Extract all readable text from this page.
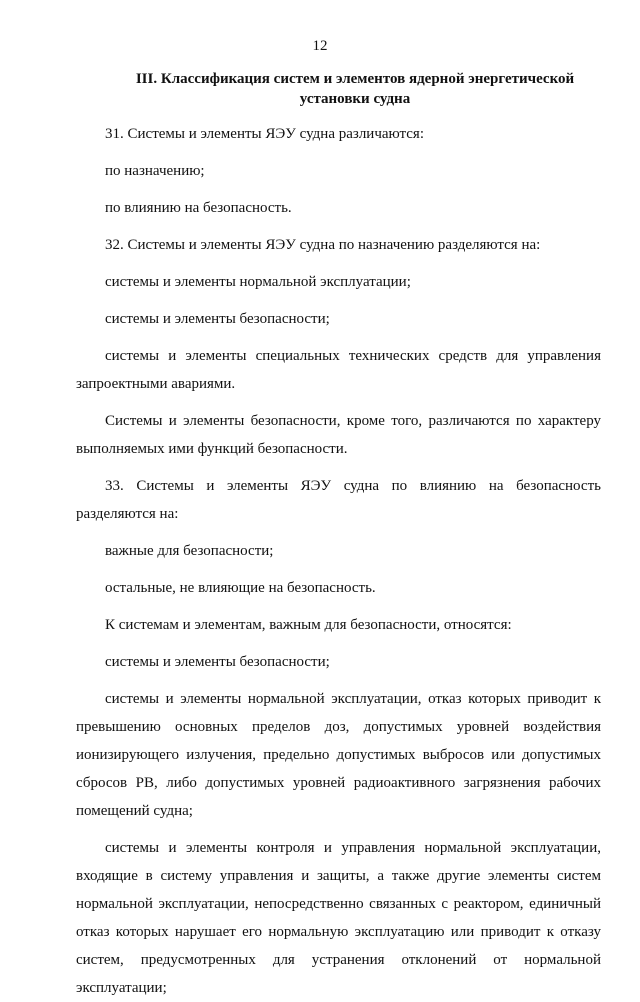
12
III. Классификация систем и элементов ядерной энергетической
установки судна

31. Системы и элементы ЯЭУ судна различаются:

по назначению;

по влиянию на безопасность.

32. Системы и элементы ЯЭУ судна по назначению разделяются на:

системы и элементы нормальной эксплуатации;

системы и элементы безопасности;

системы и элементы специальных технических средств для управления запроектными авариями.

Системы и элементы безопасности, кроме того, различаются по характеру выполняемых ими функций безопасности.

33. Системы и элементы ЯЭУ судна по влиянию на безопасность разделяются на:

важные для безопасности;

остальные, не влияющие на безопасность.

К системам и элементам, важным для безопасности, относятся:

системы и элементы безопасности;

системы и элементы нормальной эксплуатации, отказ которых приводит к превышению основных пределов доз, допустимых уровней воздействия ионизирующего излучения, предельно допустимых выбросов или допустимых сбросов РВ, либо допустимых уровней радиоактивного загрязнения рабочих помещений судна;

системы и элементы контроля и управления нормальной эксплуатации, входящие в систему управления и защиты, а также другие элементы систем нормальной эксплуатации, непосредственно связанных с реактором, единичный отказ которых нарушает его нормальную эксплуатацию или приводит к отказу систем, предусмотренных для устранения отклонений от нормальной эксплуатации;
